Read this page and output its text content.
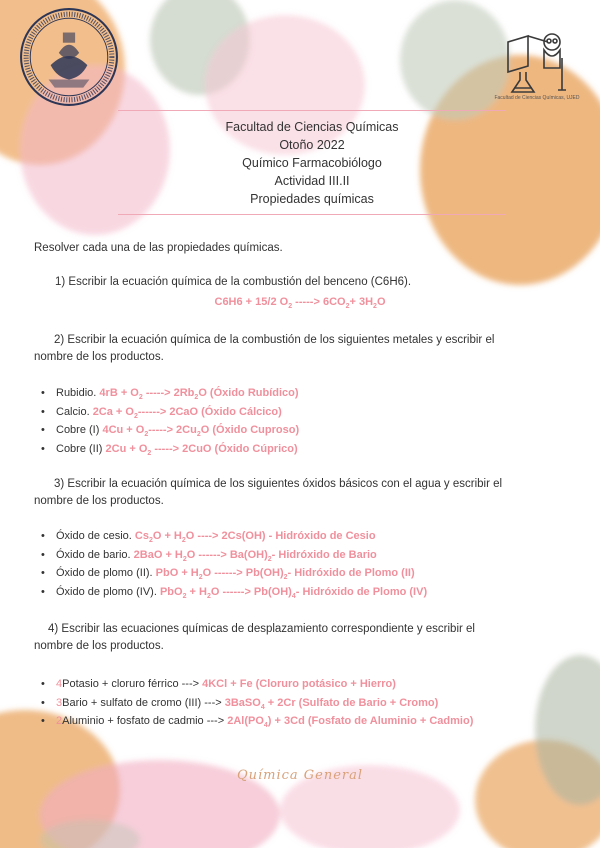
Facultad de Ciencias Químicas, UJED
Facultad de Ciencias Químicas
Otoño 2022
Químico Farmacobiólogo
Actividad III.II
Propiedades químicas
Resolver cada una de las propiedades químicas.
1) Escribir la ecuación química de la combustión del benceno (C6H6).
C6H6 + 15/2 $O_2$ -----> $6CO_2+ 3H_2O$
2) Escribir la ecuación química de la combustión de los siguientes metales y escribir el nombre de los productos.
• Rubidio. $4rB + O_2$ -----> $2Rb_2O$ (Óxido Rubídico)
• Calcio. $2Ca + O_2------> 2CaO$ (Óxido Cálcico)
• Cobre (I) $4Cu + O_2-----> 2Cu_2O$ (Óxido Cuproso)
• Cobre (II) $2Cu + O_2$ -----> 2CuO (Óxido Cúprico)
3) Escribir la ecuación química de los siguientes óxidos básicos con el agua y escribir el nombre de los productos.
• Óxido de cesio. $Cs_2O + H_2O$ ----> 2Cs(OH) - Hidróxido de Cesio
• Óxido de bario. $2BaO + H_2O$ ------> $Ba(OH)_2-$ Hidróxido de Bario
• Óxido de plomo (II). PbO + $H_2O$ ------> $Pb(OH)_2-$ Hidróxido de Plomo (II)
• Óxido de plomo (IV). $PbO_2 + H_2O$ ------> $Pb(OH)_4-$ Hidróxido de Plomo (IV)
4) Escribir las ecuaciones químicas de desplazamiento correspondiente y escribir el nombre de los productos.
• 4Potasio + cloruro férrico ---> 4KCl + Fe (Cloruro potásico + Hierro)
• 3Bario + sulfato de cromo (III) ---> 3BaSO$_4$ + 2Cr (Sulfato de Bario + Cromo)
• 2Aluminio + fosfato de cadmio ---> $2Al(PO_4) + 3Cd$ (Fosfato de Aluminio + Cadmio)
Química General
